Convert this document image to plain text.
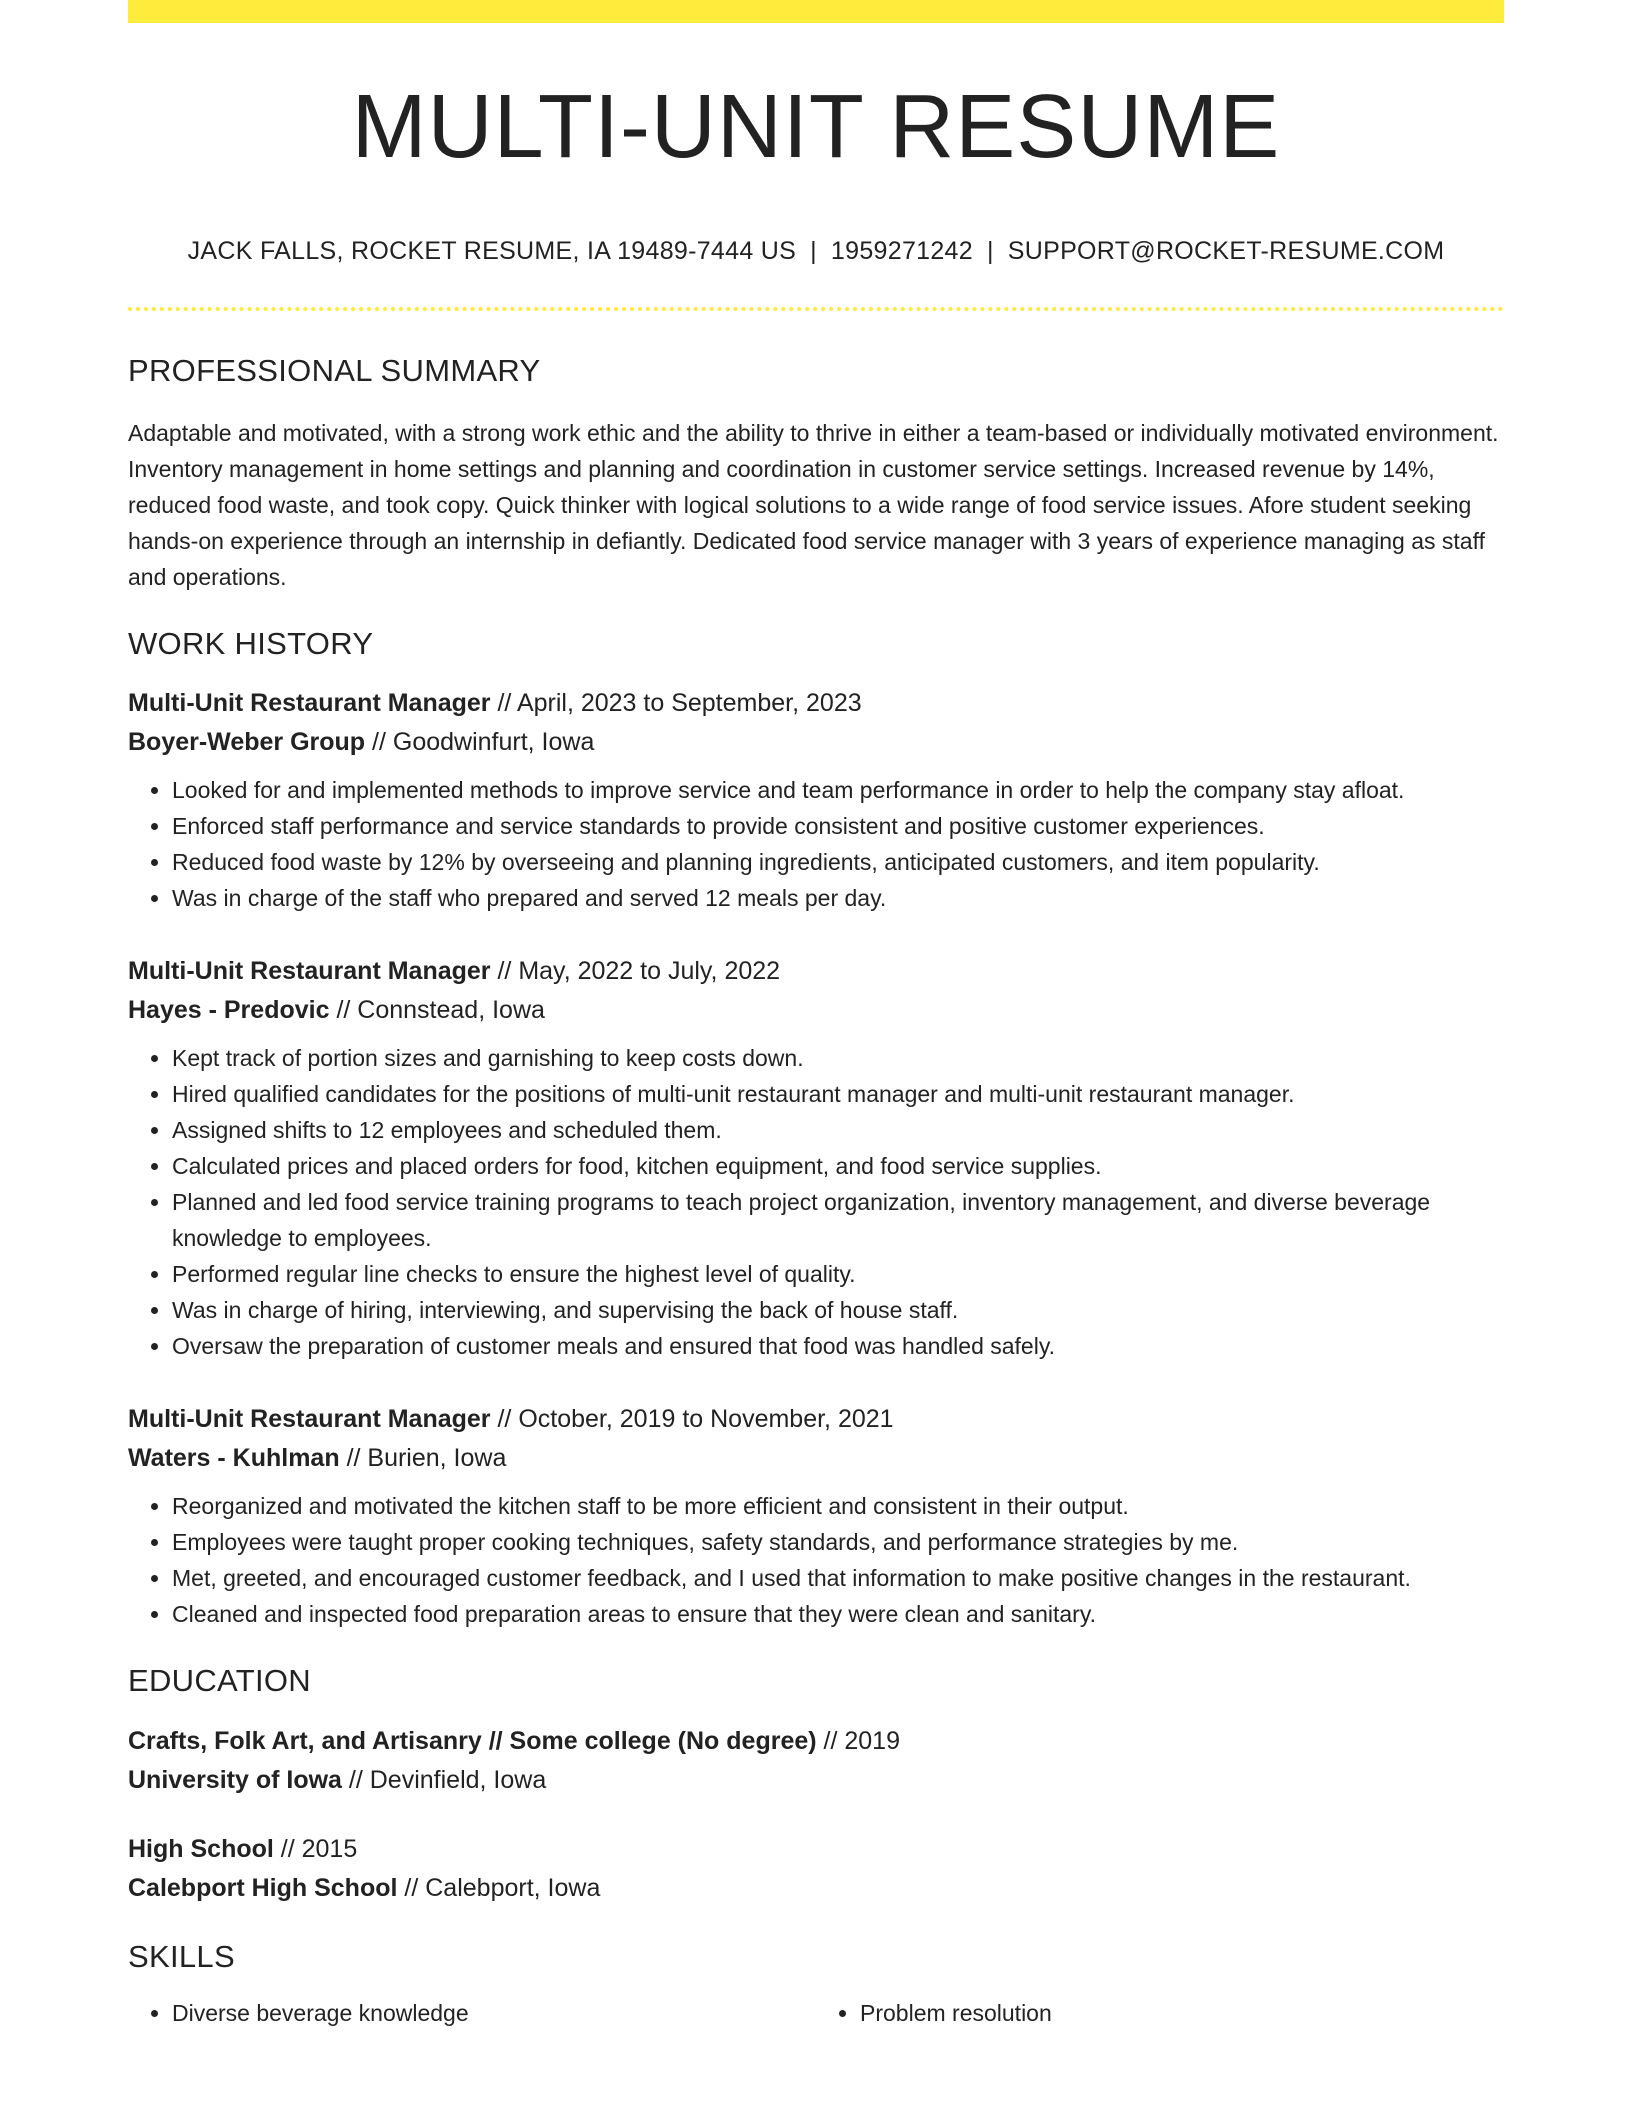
MULTI-UNIT RESUME
JACK FALLS, ROCKET RESUME, IA 19489-7444 US | 1959271242 | SUPPORT@ROCKET-RESUME.COM
PROFESSIONAL SUMMARY

Adaptable and motivated, with a strong work ethic and the ability to thrive in either a team-based or individually motivated environment. Inventory management in home settings and planning and coordination in customer service settings. Increased revenue by 14%, reduced food waste, and took copy. Quick thinker with logical solutions to a wide range of food service issues. Afore student seeking hands-on experience through an internship in defiantly. Dedicated food service manager with 3 years of experience managing as staff and operations.

WORK HISTORY
Multi-Unit Restaurant Manager // April, 2023 to September, 2023
Boyer-Weber Group // Goodwinfurt, Iowa
• Looked for and implemented methods to improve service and team performance in order to help the company stay afloat.
• Enforced staff performance and service standards to provide consistent and positive customer experiences.
• Reduced food waste by 12% by overseeing and planning ingredients, anticipated customers, and item popularity.
• Was in charge of the staff who prepared and served 12 meals per day.
Multi-Unit Restaurant Manager // May, 2022 to July, 2022
Hayes - Predovic // Connstead, Iowa
• Kept track of portion sizes and garnishing to keep costs down.
• Hired qualified candidates for the positions of multi-unit restaurant manager and multi-unit restaurant manager.
• Assigned shifts to 12 employees and scheduled them.
• Calculated prices and placed orders for food, kitchen equipment, and food service supplies.
• Planned and led food service training programs to teach project organization, inventory management, and diverse beverage knowledge to employees.
• Performed regular line checks to ensure the highest level of quality.
• Was in charge of hiring, interviewing, and supervising the back of house staff.
• Oversaw the preparation of customer meals and ensured that food was handled safely.
Multi-Unit Restaurant Manager // October, 2019 to November, 2021
Waters - Kuhlman // Burien, Iowa
• Reorganized and motivated the kitchen staff to be more efficient and consistent in their output.
• Employees were taught proper cooking techniques, safety standards, and performance strategies by me.
• Met, greeted, and encouraged customer feedback, and I used that information to make positive changes in the restaurant.
• Cleaned and inspected food preparation areas to ensure that they were clean and sanitary.
EDUCATION
Crafts, Folk Art, and Artisanry // Some college (No degree) // 2019
University of Iowa // Devinfield, Iowa
High School // 2015
Calebport High School // Calebport, Iowa
SKILLS
• Diverse beverage knowledge
•	Problem resolution
